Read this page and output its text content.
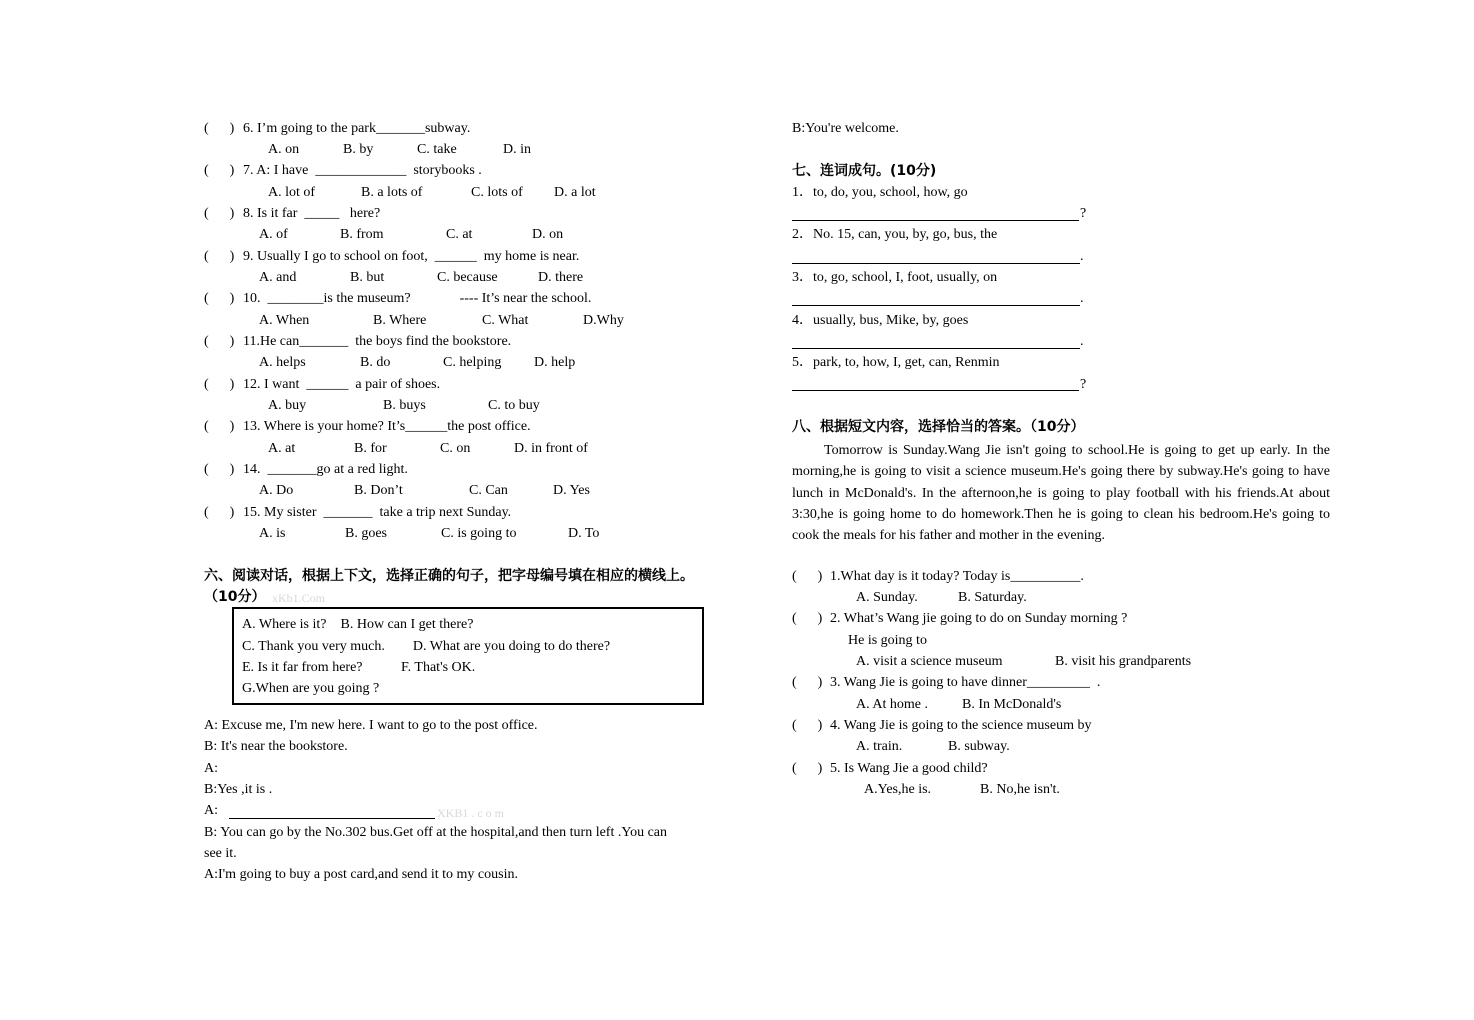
(      ) 6. I’m going to the park_______subway.
A. on	B. by	C. take	D. in
(      ) 7. A: I have  _____________  storybooks .
A. lot of	B. a lots of	C. lots of D. a lot
(      ) 8. Is it far  _____   here?
A. of	B. from	C. at	D. on
(      ) 9. Usually I go to school on foot,  ______  my home is near.
A. and	B. but	C. because	D. there
(      ) 10.  ________is the museum?              ---- It’s near the school.
A. When	B. Where	C. What	D.Why
(      ) 11.He can_______  the boys find the bookstore.
A. helps	B. do	C. helping D. help
(      ) 12. I want  ______  a pair of shoes.
A. buy	B. buys	C. to buy
(      ) 13. Where is your home? It’s______the post office.
A. at	B. for	C. on	D. in front of
(      ) 14.  _______go at a red light.
A. Do	B. Don’t	C. Can	D. Yes
(      ) 15. My sister  _______  take a trip next Sunday.
A. is	B. goes	C. is going to	D. To
六、阅读对话，根据上下文，选择正确的句子，把字母编号填在相应的横线上。
（10分） xKb1.Com
A. Where is it?    B. How can I get there?
C. Thank you very much.        D. What are you doing to do there?
E. Is it far from here?           F. That's OK.
G.When are you going ?
A: Excuse me, I'm new here. I want to go to the post office.
B: It's near the bookstore.
A:
B:Yes ,it is .
A:	XKB1 . c o m
B: You can go by the No.302 bus.Get off at the hospital,and then turn left .You can
see it.
A:I'm going to buy a post card,and send it to my cousin.
B:You're welcome.
七、连词成句。(10分)
1．to, do, you, school, how, go
?
2．No. 15, can, you, by, go, bus, the
.
3．to, go, school, I, foot, usually, on
.
4．usually, bus, Mike, by, goes
.
5．park, to, how, I, get, can, Renmin
?
八、根据短文内容，选择恰当的答案。（10分）
Tomorrow is Sunday.Wang Jie isn't going to school.He is going to get up early. In the morning,he is going to visit a science museum.He's going there by subway.He's going to have lunch in McDonald's. In the afternoon,he is going to play football with his friends.At about 3:30,he is going home to do homework.Then he is going to clean his bedroom.He's going to cook the meals for his father and mother in the evening.
(      ) 1.What day is it today? Today is__________.
A. Sunday.	B. Saturday.
(      ) 2. What’s Wang jie going to do on Sunday morning ?
He is going to
A. visit a science museum	B. visit his grandparents
(      ) 3. Wang Jie is going to have dinner_________  .
A. At home . B. In McDonald's
(      ) 4. Wang Jie is going to the science museum by
A. train.	B. subway.
(      ) 5. Is Wang Jie a good child?
A.Yes,he is.	B. No,he isn't.
